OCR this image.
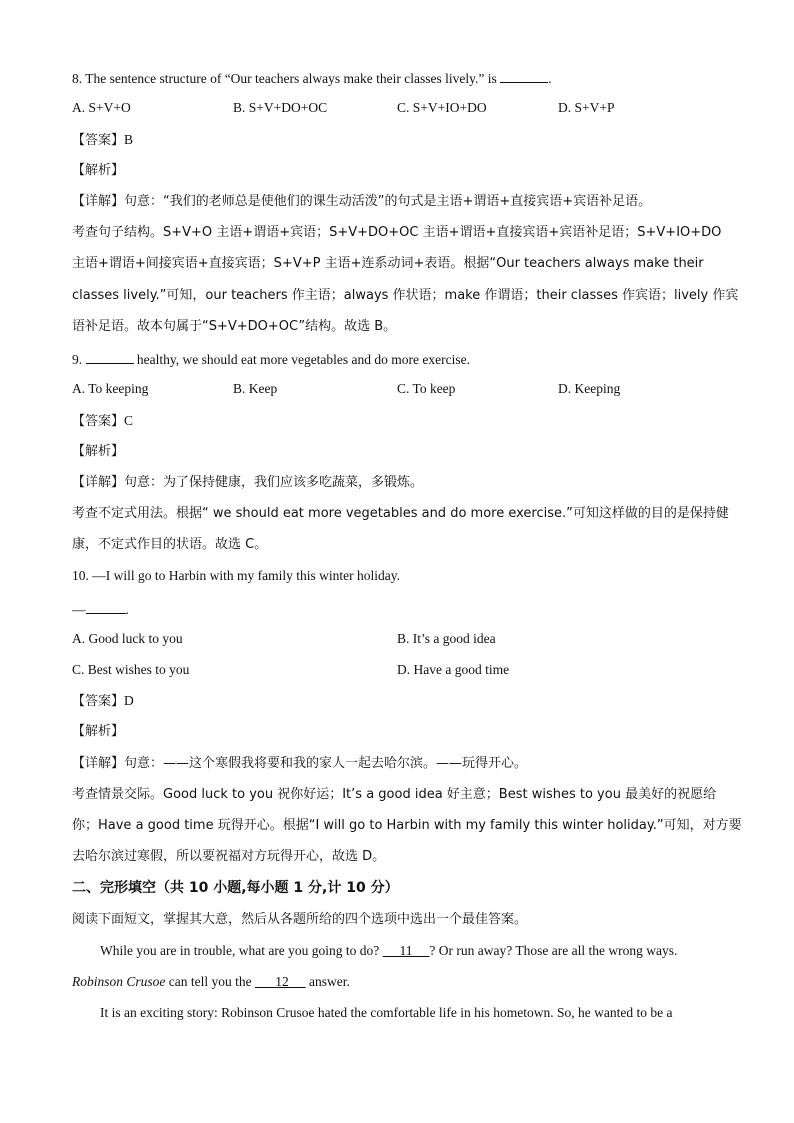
8. The sentence structure of “Our teachers always make their classes lively.” is	.
A. S+V+O	B. S+V+DO+OC	C. S+V+IO+DO	D. S+V+P
【答案】B
【解析】
【详解】句意：“我们的老师总是使他们的课生动活泼”的句式是主语+谓语+直接宾语+宾语补足语。
考查句子结构。S+V+O 主语+谓语+宾语；S+V+DO+OC 主语+谓语+直接宾语+宾语补足语；S+V+IO+DO
主语+谓语+间接宾语+直接宾语；S+V+P 主语+连系动词+表语。根据“Our teachers always make their
classes lively.”可知，our teachers 作主语；always 作状语；make 作谓语；their classes 作宾语；lively 作宾
语补足语。故本句属于“S+V+DO+OC”结构。故选 B。
9.	healthy, we should eat more vegetables and do more exercise.
A. To keeping	B. Keep	C. To keep	D. Keeping
【答案】C
【解析】
【详解】句意：为了保持健康，我们应该多吃蔬菜，多锻炼。
考查不定式用法。根据“ we should eat more vegetables and do more exercise.”可知这样做的目的是保持健
康，不定式作目的状语。故选 C。
10. —I will go to Harbin with my family this winter holiday.
—	.
A. Good luck to you	B. It’s a good idea
C. Best wishes to you	D. Have a good time
【答案】D
【解析】
【详解】句意：——这个寒假我将要和我的家人一起去哈尔滨。——玩得开心。
考查情景交际。Good luck to you 祝你好运；It’s a good idea 好主意；Best wishes to you 最美好的祝愿给
你；Have a good time 玩得开心。根据“I will go to Harbin with my family this winter holiday.”可知，对方要
去哈尔滨过寒假，所以要祝福对方玩得开心，故选 D。
二、完形填空（共 10 小题,每小题 1 分,计 10 分）
阅读下面短文，掌握其大意，然后从各题所给的四个选项中选出一个最佳答案。
While you are in trouble, what are you going to do? 11 ? Or run away? Those are all the wrong ways.
Robinson Crusoe can tell you the 12 answer.
It is an exciting story: Robinson Crusoe hated the comfortable life in his hometown. So, he wanted to be a
